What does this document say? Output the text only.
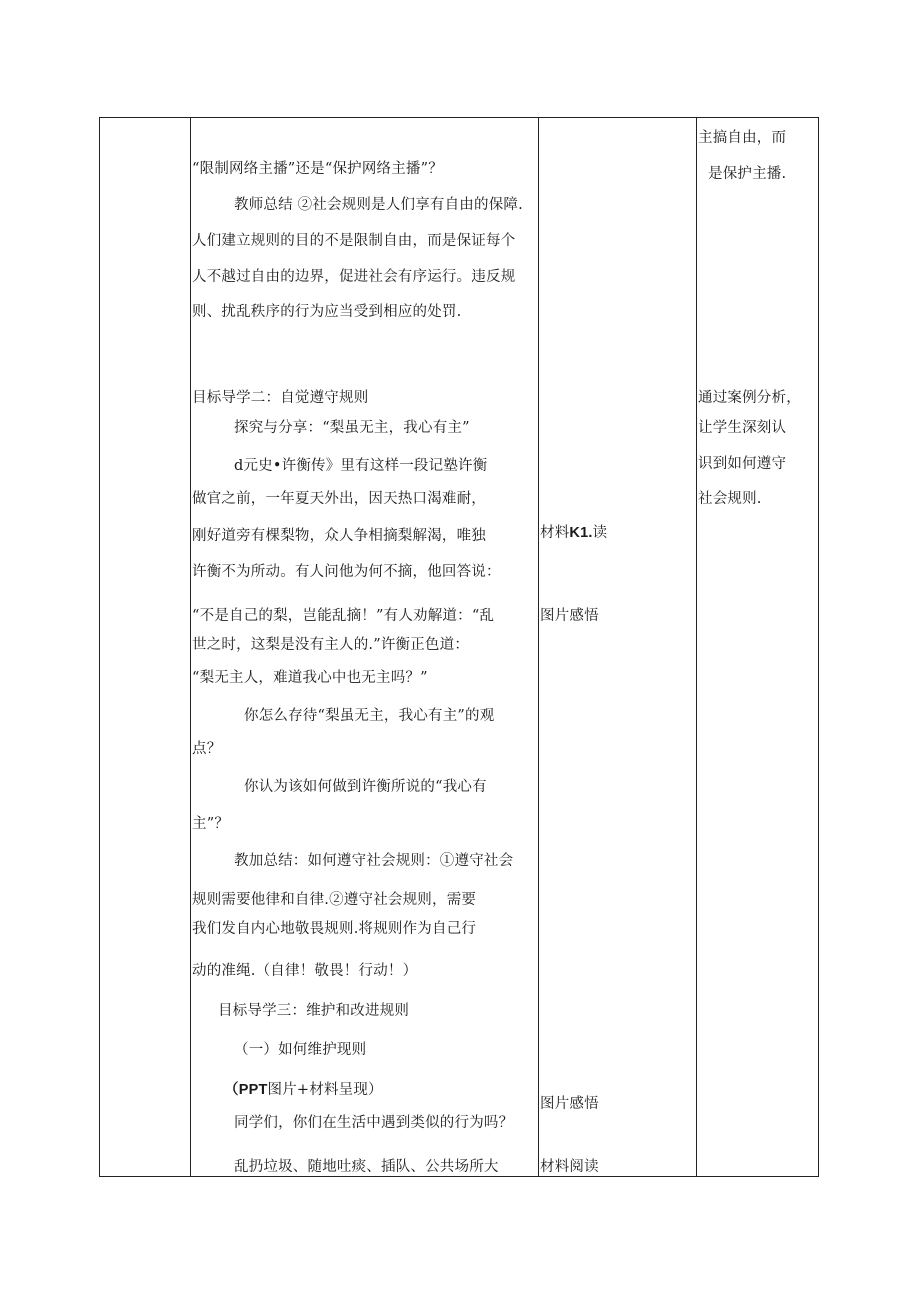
“限制网络主播”还是“保护网络主播”？
教师总结 ②社会规则是人们享有自由的保障.
人们建立规则的目的不是限制自由，而是保证每个
人不越过自由的边界，促进社会有序运行。违反规
则、扰乱秩序的行为应当受到相应的处罚.
目标导学二：自觉遵守规则
探究与分享：“梨虽无主，我心有主”
d元史•许衡传》里有这样一段记塾许衡
做官之前，一年夏天外出，因天热口渴难耐，
刚好道旁有棵梨物，众人争相摘梨解渴，唯独
许衡不为所动。有人问他为何不摘，他回答说：
“不是自己的梨，岂能乱摘！”有人劝解道：“乱
世之时，这梨是没有主人的.”许衡正色道：
“梨无主人，难道我心中也无主吗？”
你怎么存待“梨虽无主，我心有主”的观
点？
你认为该如何做到许衡所说的“我心有
主”？
教加总结：如何遵守社会规则：①遵守社会
规则需要他律和自律.②遵守社会规则，需要
我们发自内心地敬畏规则.将规则作为自己行
动的准绳.（自律！敬畏！行动！）
目标导学三：维护和改进规则
（一）如何维护现则
（PPT图片+材料呈现）
同学们，你们在生活中遇到类似的行为吗？
乱扔垃圾、随地吐痰、插队、公共场所大
材料K1.读
图片感悟
图片感悟
材料阅读
主搞自由，而
是保护主播.
通过案例分析，
让学生深刻认
识到如何遵守
社会规则.
